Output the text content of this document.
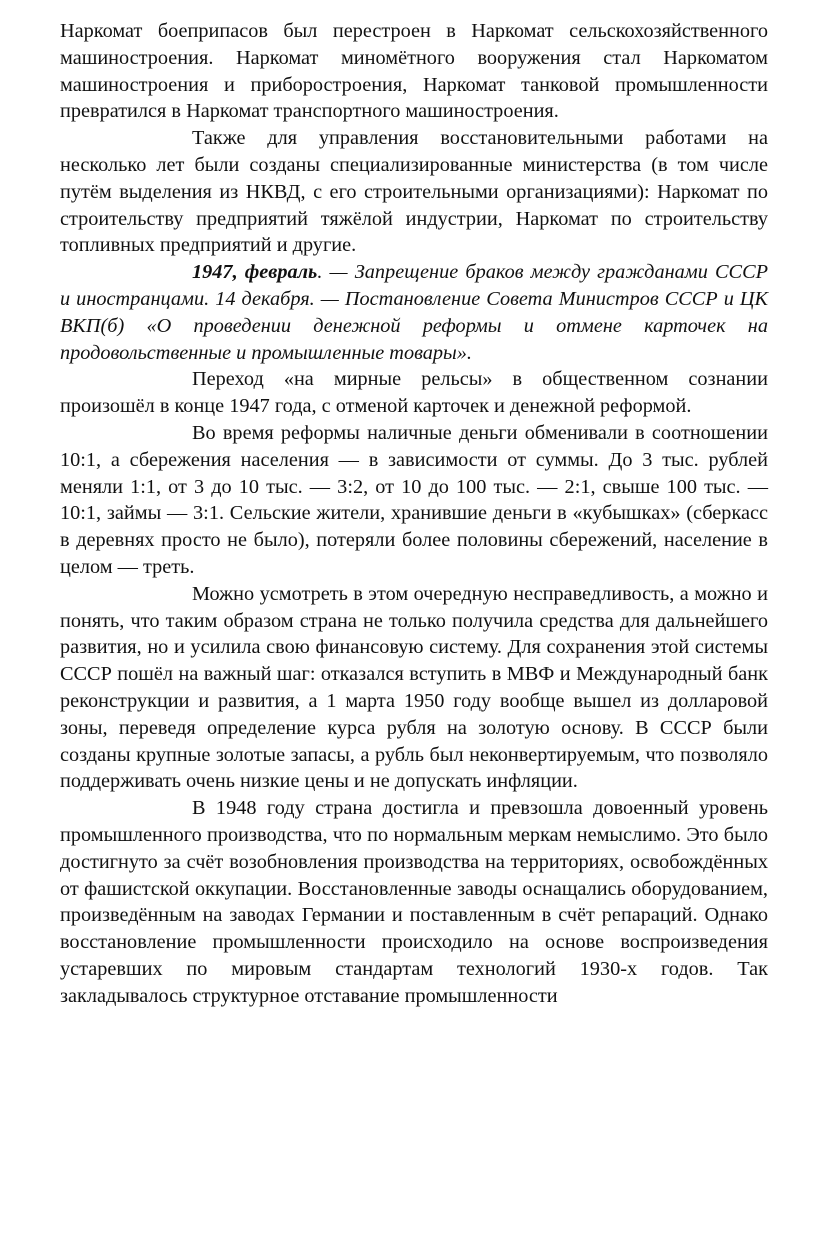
Наркомат боеприпасов был перестроен в Наркомат сельскохозяйственного машиностроения. Наркомат миномётного вооружения стал Наркоматом машиностроения и приборостроения, Наркомат танковой промышленности превратился в Наркомат транспортного машиностроения.

Также для управления восстановительными работами на несколько лет были созданы специализированные министерства (в том числе путём выделения из НКВД, с его строительными организациями): Наркомат по строительству предприятий тяжёлой индустрии, Наркомат по строительству топливных предприятий и другие.

1947, февраль. — Запрещение браков между гражданами СССР и иностранцами. 14 декабря. — Постановление Совета Министров СССР и ЦК ВКП(б) «О проведении денежной реформы и отмене карточек на продовольственные и промышленные товары».

Переход «на мирные рельсы» в общественном сознании произошёл в конце 1947 года, с отменой карточек и денежной реформой.

Во время реформы наличные деньги обменивали в соотношении 10:1, а сбережения населения — в зависимости от суммы. До 3 тыс. рублей меняли 1:1, от 3 до 10 тыс. — 3:2, от 10 до 100 тыс. — 2:1, свыше 100 тыс. — 10:1, займы — 3:1. Сельские жители, хранившие деньги в «кубышках» (сберкасс в деревнях просто не было), потеряли более половины сбережений, население в целом — треть.

Можно усмотреть в этом очередную несправедливость, а можно и понять, что таким образом страна не только получила средства для дальнейшего развития, но и усилила свою финансовую систему. Для сохранения этой системы СССР пошёл на важный шаг: отказался вступить в МВФ и Международный банк реконструкции и развития, а 1 марта 1950 году вообще вышел из долларовой зоны, переведя определение курса рубля на золотую основу. В СССР были созданы крупные золотые запасы, а рубль был неконвертируемым, что позволяло поддерживать очень низкие цены и не допускать инфляции.

В 1948 году страна достигла и превзошла довоенный уровень промышленного производства, что по нормальным меркам немыслимо. Это было достигнуто за счёт возобновления производства на территориях, освобождённых от фашистской оккупации. Восстановленные заводы оснащались оборудованием, произведённым на заводах Германии и поставленным в счёт репараций. Однако восстановление промышленности происходило на основе воспроизведения устаревших по мировым стандартам технологий 1930-х годов. Так закладывалось структурное отставание промышленности
